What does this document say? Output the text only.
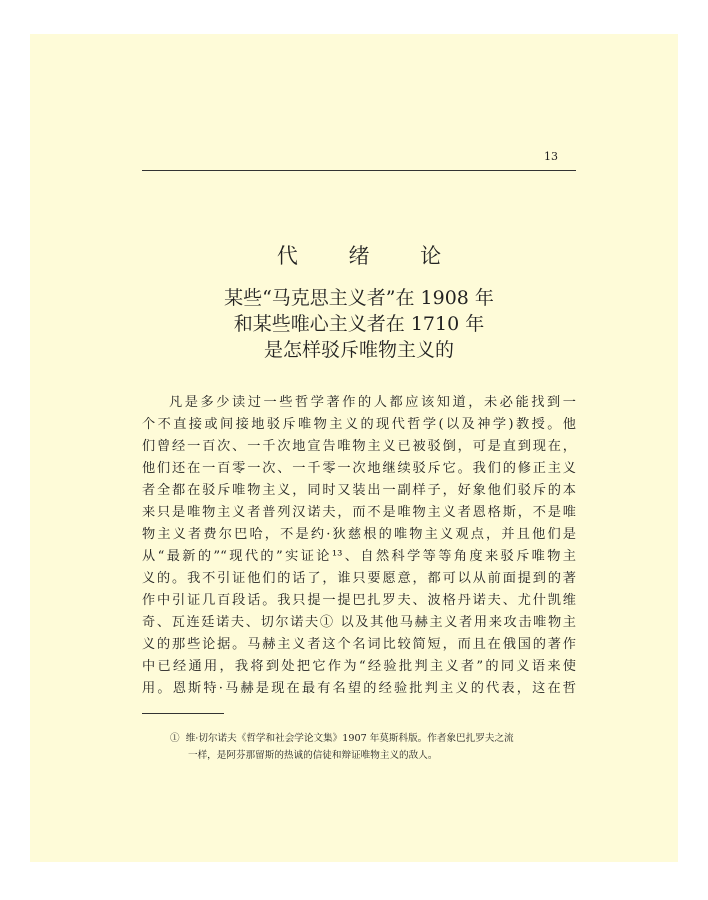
13
代 绪 论
某些“马克思主义者”在 1908 年
和某些唯心主义者在 1710 年
是怎样驳斥唯物主义的
凡是多少读过一些哲学著作的人都应该知道，未必能找到一
个不直接或间接地驳斥唯物主义的现代哲学(以及神学)教授。他
们曾经一百次、一千次地宣告唯物主义已被驳倒，可是直到现在，
他们还在一百零一次、一千零一次地继续驳斥它。我们的修正主义
者全都在驳斥唯物主义，同时又装出一副样子，好象他们驳斥的本
来只是唯物主义者普列汉诺夫，而不是唯物主义者恩格斯，不是唯
物主义者费尔巴哈，不是约·狄慈根的唯物主义观点，并且他们是
从“最新的”“现代的”实证论¹³、自然科学等等角度来驳斥唯物主
义的。我不引证他们的话了，谁只要愿意，都可以从前面提到的著
作中引证几百段话。我只提一提巴扎罗夫、波格丹诺夫、尤什凯维
奇、瓦连廷诺夫、切尔诺夫① 以及其他马赫主义者用来攻击唯物主
义的那些论据。马赫主义者这个名词比较简短，而且在俄国的著作
中已经通用，我将到处把它作为“经验批判主义者”的同义语来使
用。恩斯特·马赫是现在最有名望的经验批判主义的代表，这在哲
① 维·切尔诺夫《哲学和社会学论文集》1907 年莫斯科版。作者象巴扎罗夫之流
一样，是阿芬那留斯的热诚的信徒和辩证唯物主义的敌人。
